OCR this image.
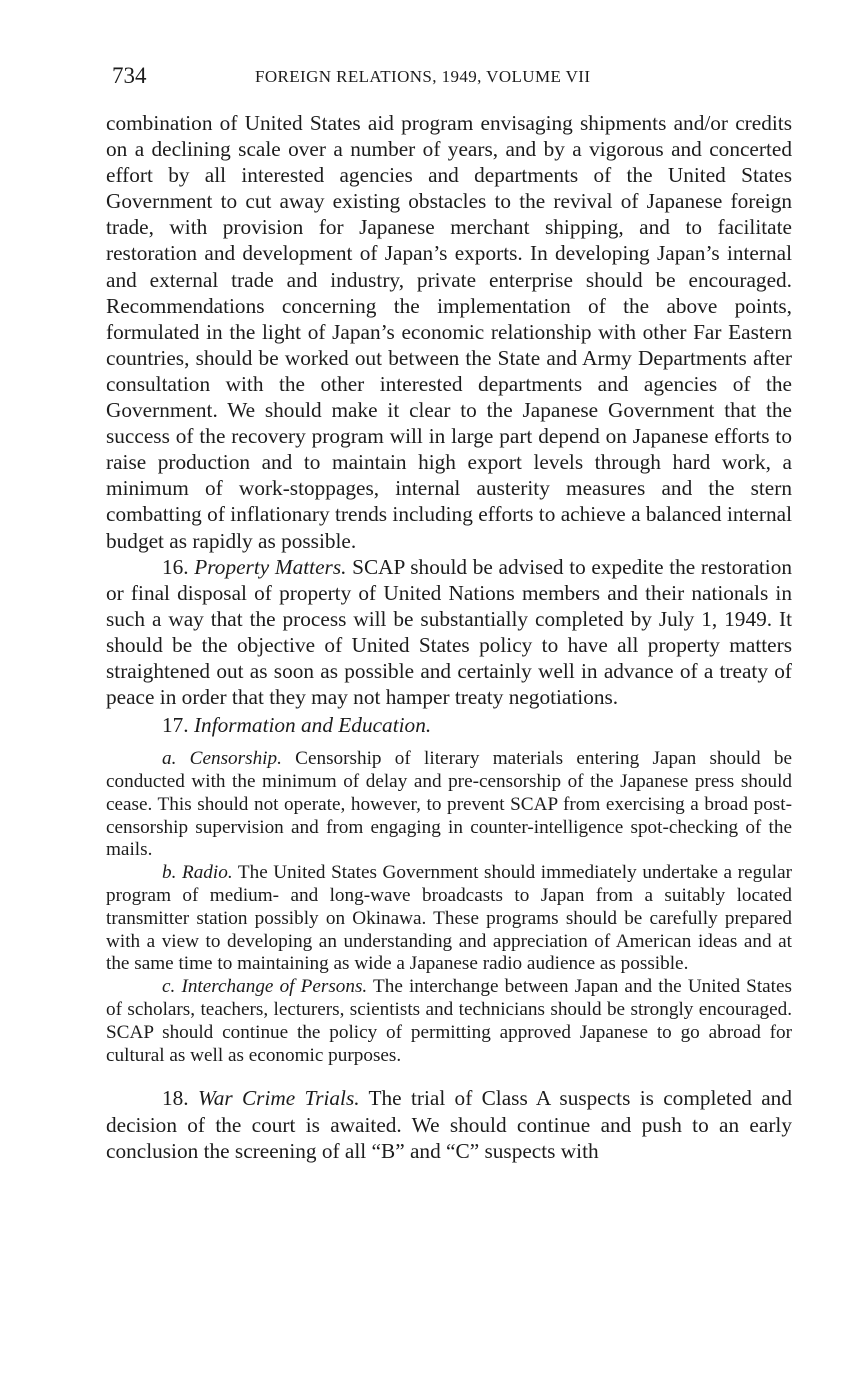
734	FOREIGN RELATIONS, 1949, VOLUME VII

combination of United States aid program envisaging shipments and/or credits on a declining scale over a number of years, and by a vigorous and concerted effort by all interested agencies and departments of the United States Government to cut away existing obstacles to the revival of Japanese foreign trade, with provision for Japanese merchant shipping, and to facilitate restoration and development of Japan’s exports. In developing Japan’s internal and external trade and industry, private enterprise should be encouraged. Recommendations concerning the implementation of the above points, formulated in the light of Japan’s economic relationship with other Far Eastern countries, should be worked out between the State and Army Departments after consultation with the other interested departments and agencies of the Government. We should make it clear to the Japanese Government that the success of the recovery program will in large part depend on Japanese efforts to raise production and to maintain high export levels through hard work, a minimum of work-stoppages, internal austerity measures and the stern combatting of inflationary trends including efforts to achieve a balanced internal budget as rapidly as possible.

16. Property Matters. SCAP should be advised to expedite the restoration or final disposal of property of United Nations members and their nationals in such a way that the process will be substantially completed by July 1, 1949. It should be the objective of United States policy to have all property matters straightened out as soon as possible and certainly well in advance of a treaty of peace in order that they may not hamper treaty negotiations.

17. Information and Education.

a. Censorship. Censorship of literary materials entering Japan should be conducted with the minimum of delay and pre-censorship of the Japanese press should cease. This should not operate, however, to prevent SCAP from exercising a broad post-censorship supervision and from engaging in counter-intelligence spot-checking of the mails.

b. Radio. The United States Government should immediately undertake a regular program of medium- and long-wave broadcasts to Japan from a suitably located transmitter station possibly on Okinawa. These programs should be carefully prepared with a view to developing an understanding and appreciation of American ideas and at the same time to maintaining as wide a Japanese radio audience as possible.

c. Interchange of Persons. The interchange between Japan and the United States of scholars, teachers, lecturers, scientists and technicians should be strongly encouraged. SCAP should continue the policy of permitting approved Japanese to go abroad for cultural as well as economic purposes.

18. War Crime Trials. The trial of Class A suspects is completed and decision of the court is awaited. We should continue and push to an early conclusion the screening of all “B” and “C” suspects with
